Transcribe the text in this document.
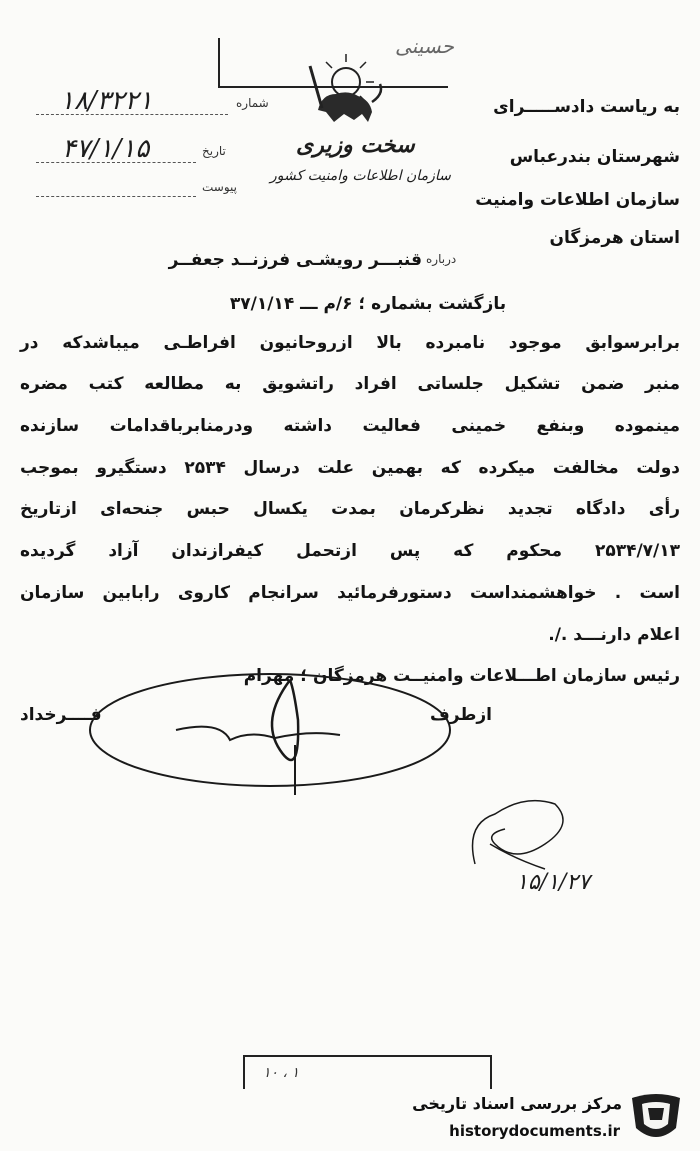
حسینی
شماره
۱۸/۳۲۲۱
تاریخ
۴۷/۱/۱۵
پیوست
سخت وزیری
سازمان اطلاعات وامنیت کشور
به ریاست دادســـــرای
شهرستان بندرعباس
سازمان اطلاعات وامنیت
استان هرمزگان
درباره
قنبـــر رویشـی فرزنــد جعفــر
بازگشت بشماره ؛ ۶/م ـــ ۳۷/۱/۱۴
برابرسوابق موجود نامبرده بالا ازروحانیون افراطـی میباشدکه در
منبر ضمن تشکیل جلساتی افراد راتشویق به مطالعه کتب مضره
مینموده وبنفع خمینی فعالیت داشته ودرمنابرباقدامات سازنده
دولت مخالفت میکرده که بهمین علت درسال ۲۵۳۴ دستگیرو بموجب
رأی دادگاه تجدید نظرکرمان بمدت یکسال حبس جنحه‌ای ازتاریخ
۲۵۳۴/۷/۱۳ محکوم که پس ازتحمل کیفرازندان آزاد گردیده
است . خواهشمنداست دستورفرمائید سرانجام کاروی رابابین سازمان
اعلام دارنـــد ./.
رئیس سازمان اطـــلاعات وامنیــت هرمزگان ؛ مهرام
ازطرف
فــــرخداد
۱۵/۱/۲۷
۱۰ ، ۱
مرکز بررسی اسناد تاریخی
historydocuments.ir
